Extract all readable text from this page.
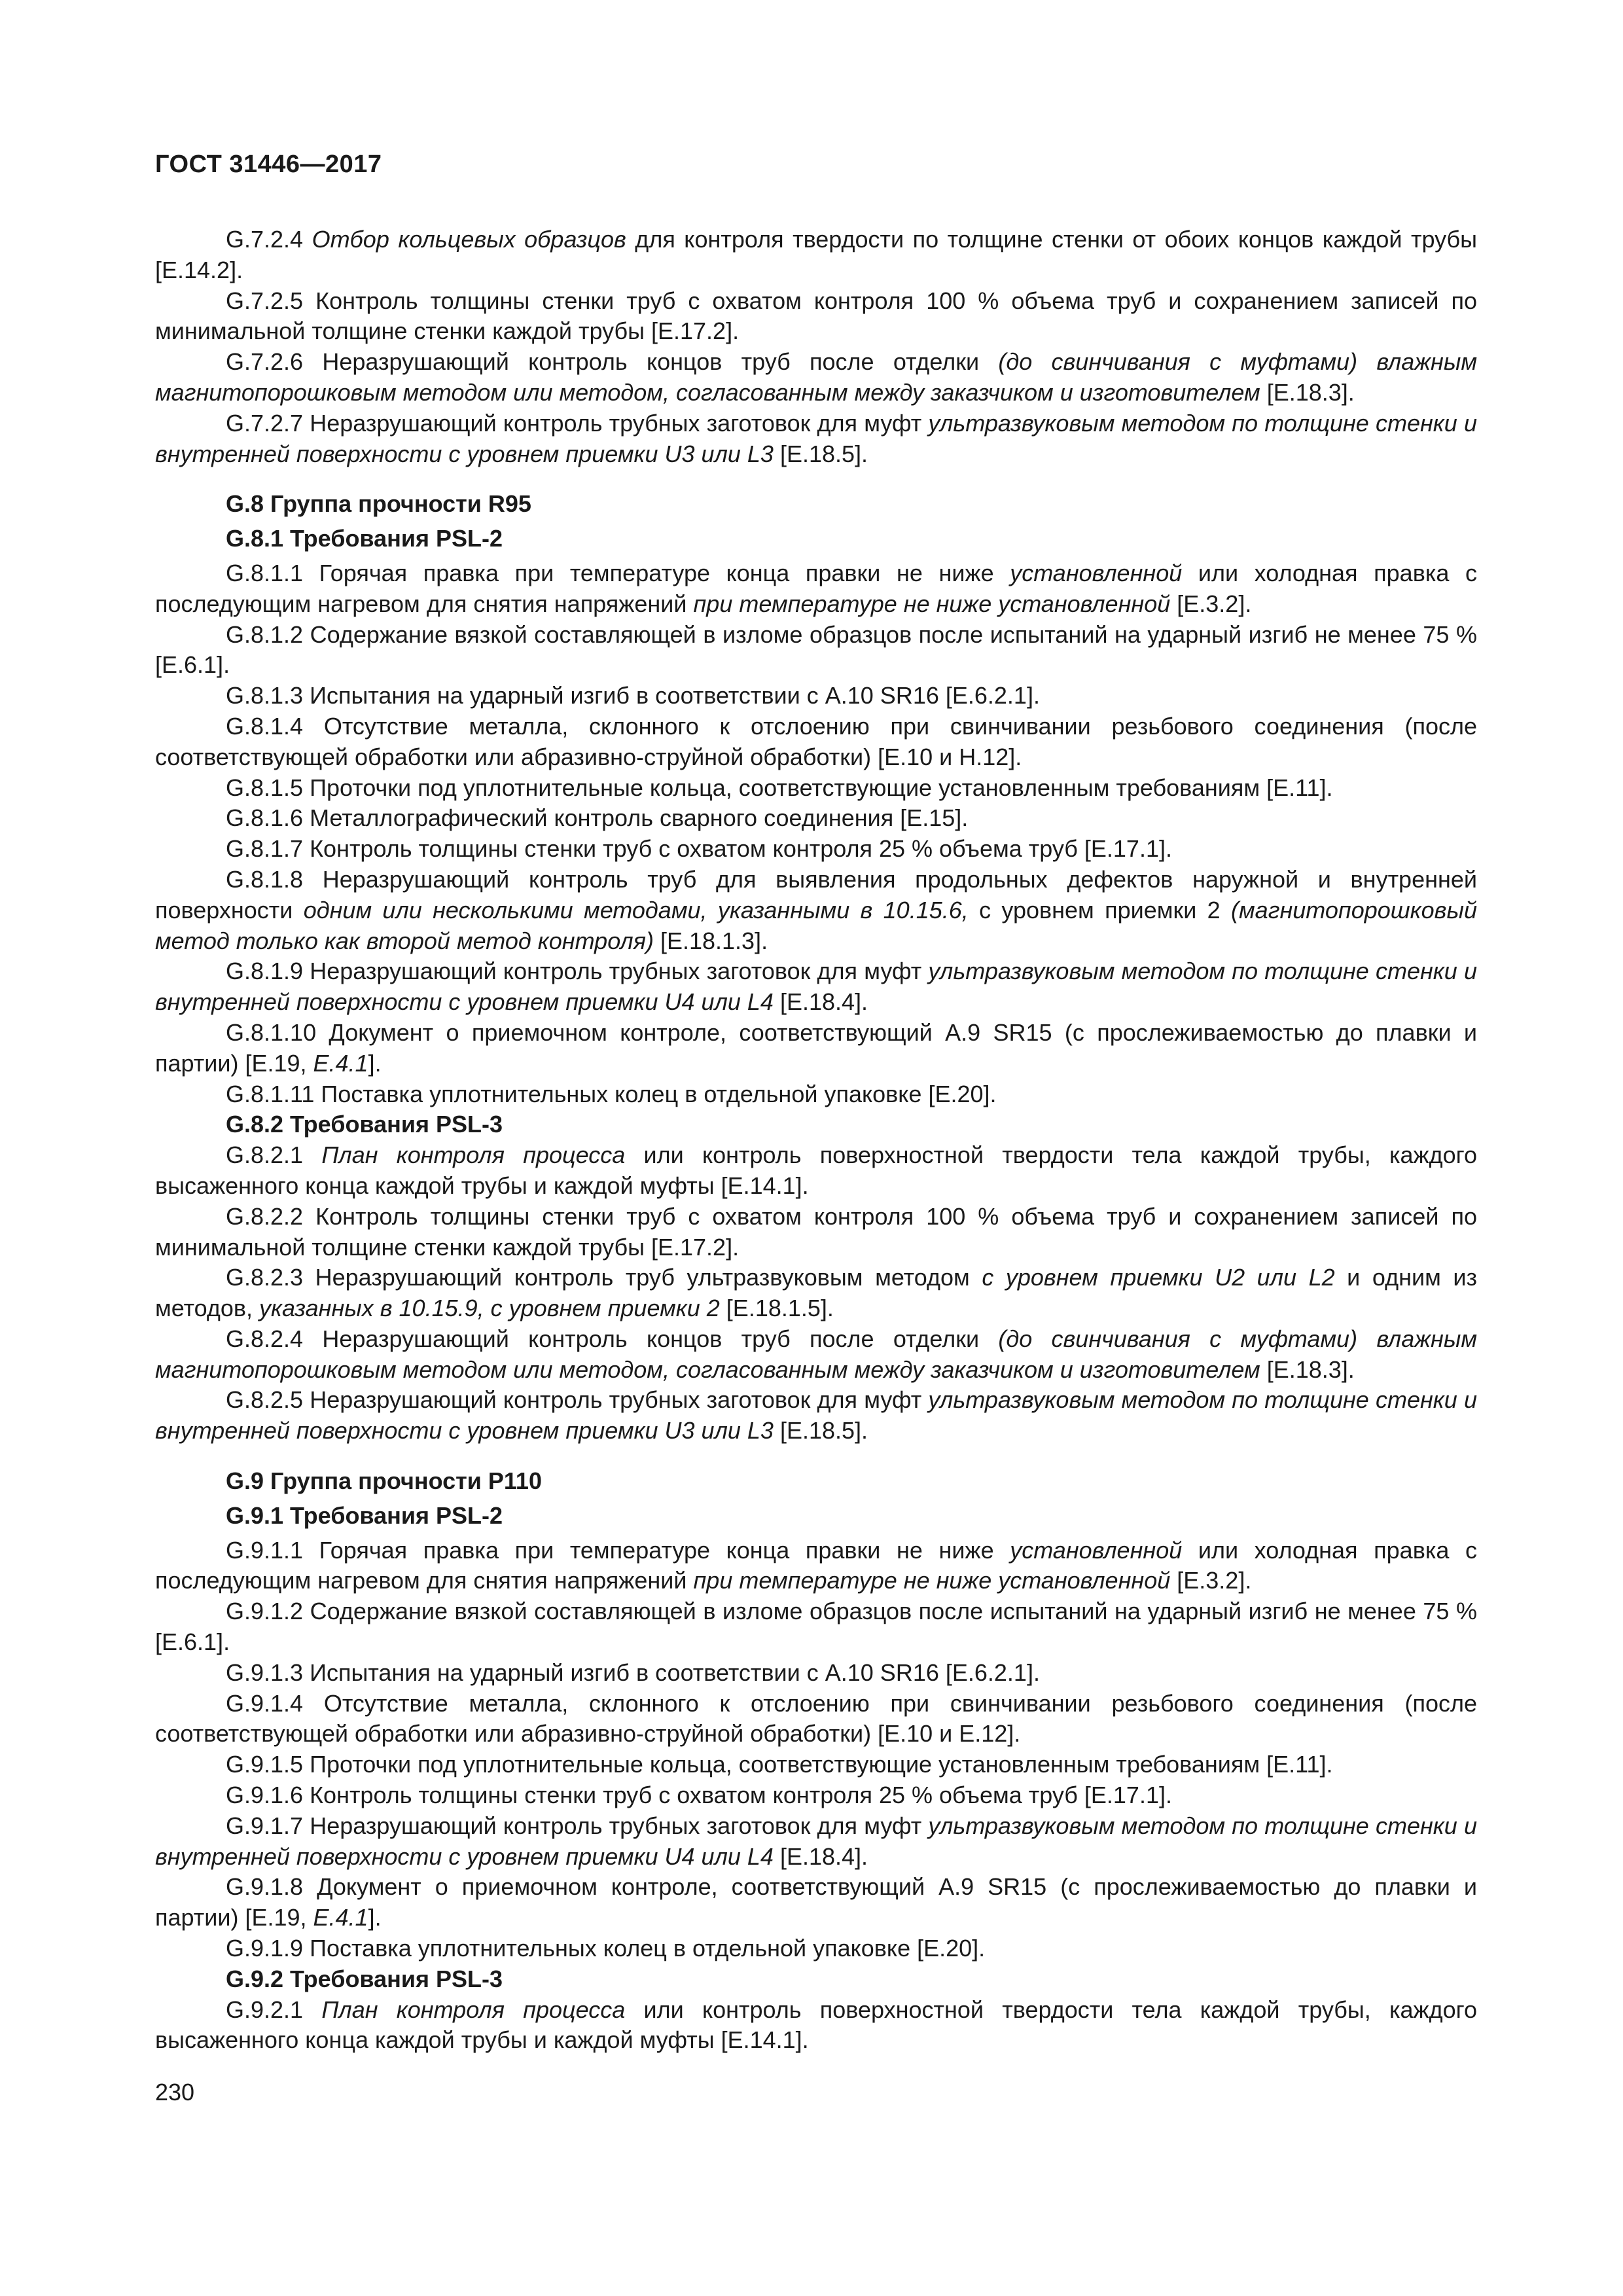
ГОСТ 31446—2017

G.7.2.4 Отбор кольцевых образцов для контроля твердости по толщине стенки от обоих концов каждой трубы [E.14.2].

G.7.2.5 Контроль толщины стенки труб с охватом контроля 100 % объема труб и сохранением записей по минимальной толщине стенки каждой трубы [E.17.2].

G.7.2.6 Неразрушающий контроль концов труб после отделки (до свинчивания с муфтами) влажным магнитопорошковым методом или методом, согласованным между заказчиком и изготовителем [E.18.3].

G.7.2.7 Неразрушающий контроль трубных заготовок для муфт ультразвуковым методом по толщине стенки и внутренней поверхности с уровнем приемки U3 или L3 [E.18.5].

G.8 Группа прочности R95
G.8.1 Требования PSL-2

G.8.1.1 Горячая правка при температуре конца правки не ниже установленной или холодная правка с последующим нагревом для снятия напряжений при температуре не ниже установленной [E.3.2].

G.8.1.2 Содержание вязкой составляющей в изломе образцов после испытаний на ударный изгиб не менее 75 % [E.6.1].

G.8.1.3 Испытания на ударный изгиб в соответствии с A.10 SR16 [E.6.2.1].

G.8.1.4 Отсутствие металла, склонного к отслоению при свинчивании резьбового соединения (после соответствующей обработки или абразивно-струйной обработки) [E.10 и H.12].

G.8.1.5 Проточки под уплотнительные кольца, соответствующие установленным требованиям [E.11].

G.8.1.6 Металлографический контроль сварного соединения [E.15].

G.8.1.7 Контроль толщины стенки труб с охватом контроля 25 % объема труб [E.17.1].

G.8.1.8 Неразрушающий контроль труб для выявления продольных дефектов наружной и внутренней поверхности одним или несколькими методами, указанными в 10.15.6, с уровнем приемки 2 (магнитопорошковый метод только как второй метод контроля) [E.18.1.3].

G.8.1.9 Неразрушающий контроль трубных заготовок для муфт ультразвуковым методом по толщине стенки и внутренней поверхности с уровнем приемки U4 или L4 [E.18.4].

G.8.1.10 Документ о приемочном контроле, соответствующий A.9 SR15 (с прослеживаемостью до плавки и партии) [E.19, E.4.1].

G.8.1.11 Поставка уплотнительных колец в отдельной упаковке [E.20].

G.8.2 Требования PSL-3

G.8.2.1 План контроля процесса или контроль поверхностной твердости тела каждой трубы, каждого высаженного конца каждой трубы и каждой муфты [E.14.1].

G.8.2.2 Контроль толщины стенки труб с охватом контроля 100 % объема труб и сохранением записей по минимальной толщине стенки каждой трубы [E.17.2].

G.8.2.3 Неразрушающий контроль труб ультразвуковым методом с уровнем приемки U2 или L2 и одним из методов, указанных в 10.15.9, с уровнем приемки 2 [E.18.1.5].

G.8.2.4 Неразрушающий контроль концов труб после отделки (до свинчивания с муфтами) влажным магнитопорошковым методом или методом, согласованным между заказчиком и изготовителем [E.18.3].

G.8.2.5 Неразрушающий контроль трубных заготовок для муфт ультразвуковым методом по толщине стенки и внутренней поверхности с уровнем приемки U3 или L3 [E.18.5].

G.9 Группа прочности P110
G.9.1 Требования PSL-2

G.9.1.1 Горячая правка при температуре конца правки не ниже установленной или холодная правка с последующим нагревом для снятия напряжений при температуре не ниже установленной [E.3.2].

G.9.1.2 Содержание вязкой составляющей в изломе образцов после испытаний на ударный изгиб не менее 75 % [E.6.1].

G.9.1.3 Испытания на ударный изгиб в соответствии с A.10 SR16 [E.6.2.1].

G.9.1.4 Отсутствие металла, склонного к отслоению при свинчивании резьбового соединения (после соответствующей обработки или абразивно-струйной обработки) [E.10 и E.12].

G.9.1.5 Проточки под уплотнительные кольца, соответствующие установленным требованиям [E.11].

G.9.1.6 Контроль толщины стенки труб с охватом контроля 25 % объема труб [E.17.1].

G.9.1.7 Неразрушающий контроль трубных заготовок для муфт ультразвуковым методом по толщине стенки и внутренней поверхности с уровнем приемки U4 или L4 [E.18.4].

G.9.1.8 Документ о приемочном контроле, соответствующий A.9 SR15 (с прослеживаемостью до плавки и партии) [E.19, E.4.1].

G.9.1.9 Поставка уплотнительных колец в отдельной упаковке [E.20].

G.9.2 Требования PSL-3

G.9.2.1 План контроля процесса или контроль поверхностной твердости тела каждой трубы, каждого высаженного конца каждой трубы и каждой муфты [E.14.1].

230
